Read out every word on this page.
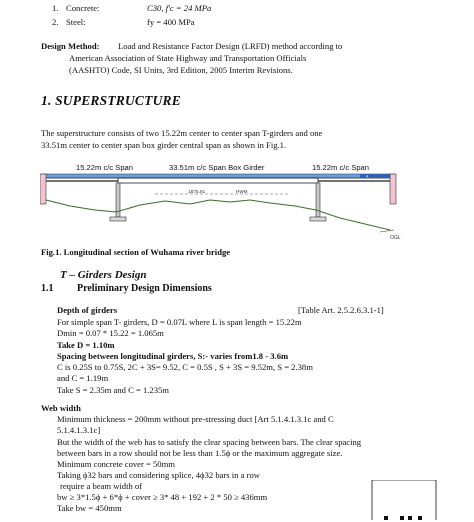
1. Concrete:	C30, f′c = 24 MPa
2. Steel:	fy = 400 MPa
Design Method: Load and Resistance Factor Design (LRFD) method according to
American Association of State Highway and Transportation Officials
(AASHTO) Code, SI Units, 3rd Edition, 2005 Interim Revisions.
1. SUPERSTRUCTURE
The superstructure consists of two 15.22m center to center span T-girders and one
33.51m center to center span box girder central span as shown in Fig.1.
15.22m c/c Span	33.51m c/c Span Box Girder	15.22m c/c Span
A
1875.81	HWM
OGL
Fig.1. Longitudinal section of Wuhama river bridge
T – Girders Design
1.1 Preliminary Design Dimensions
Depth of girders	[Table Art. 2.5.2.6.3.1-1]
For simple span T- girders, D = 0.07L where L is span length = 15.22m
Dmin = 0.07 * 15.22 = 1.065m
Take D = 1.10m
Spacing between longitudinal girders, S:- varies from1.8 - 3.6m
C is 0.25S to 0.75S, 2C + 3S= 9.52, C = 0.5S , S + 3S = 9.52m, S = 2.38m
and C = 1.19m
Take S = 2.35m and C = 1.235m
Web width
Minimum thickness = 200mm without pre-stressing duct [Art 5.1.4.1.3.1c and C
5.1.4.1.3.1c]
But the width of the web has to satisfy the clear spacing between bars. The clear spacing
between bars in a row should not be less than 1.5ϕ or the maximum aggregate size.
Minimum concrete cover = 50mm
Taking ϕ32 bars and considering splice, 4ϕ32 bars in a row
require a beam width of
bw ≥ 3*1.5ϕ + 6*ϕ + cover ≥ 3* 48 + 192 + 2 * 50 ≥ 436mm
Take bw = 450mm
